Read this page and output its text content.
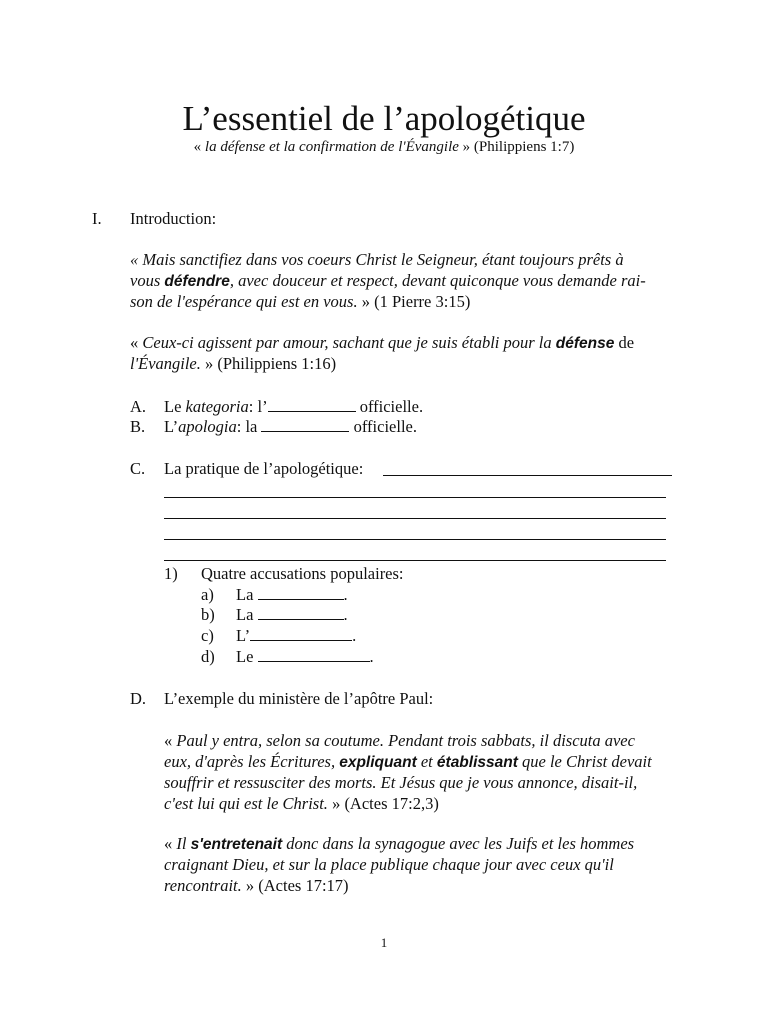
L’essentiel de l’apologétique
« la défense et la confirmation de l'Évangile » (Philippiens 1:7)
I. Introduction:
« Mais sanctifiez dans vos coeurs Christ le Seigneur, étant toujours prêts à
vous défendre, avec douceur et respect, devant quiconque vous demande rai-
son de l'espérance qui est en vous. » (1 Pierre 3:15)
« Ceux-ci agissent par amour, sachant que je suis établi pour la défense de
l'Évangile. » (Philippiens 1:16)
A. Le kategoria: l’	officielle.
B. L’apologia: la	officielle.
C. La pratique de l’apologétique:
1) Quatre accusations populaires:
a) La	.
b) La	.
c) L’	.
d) Le	.
D. L’exemple du ministère de l’apôtre Paul:
« Paul y entra, selon sa coutume. Pendant trois sabbats, il discuta avec
eux, d'après les Écritures, expliquant et établissant que le Christ devait
souffrir et ressusciter des morts. Et Jésus que je vous annonce, disait-il,
c'est lui qui est le Christ. » (Actes 17:2,3)
« Il s'entretenait donc dans la synagogue avec les Juifs et les hommes
craignant Dieu, et sur la place publique chaque jour avec ceux qu'il
rencontrait. » (Actes 17:17)
1
